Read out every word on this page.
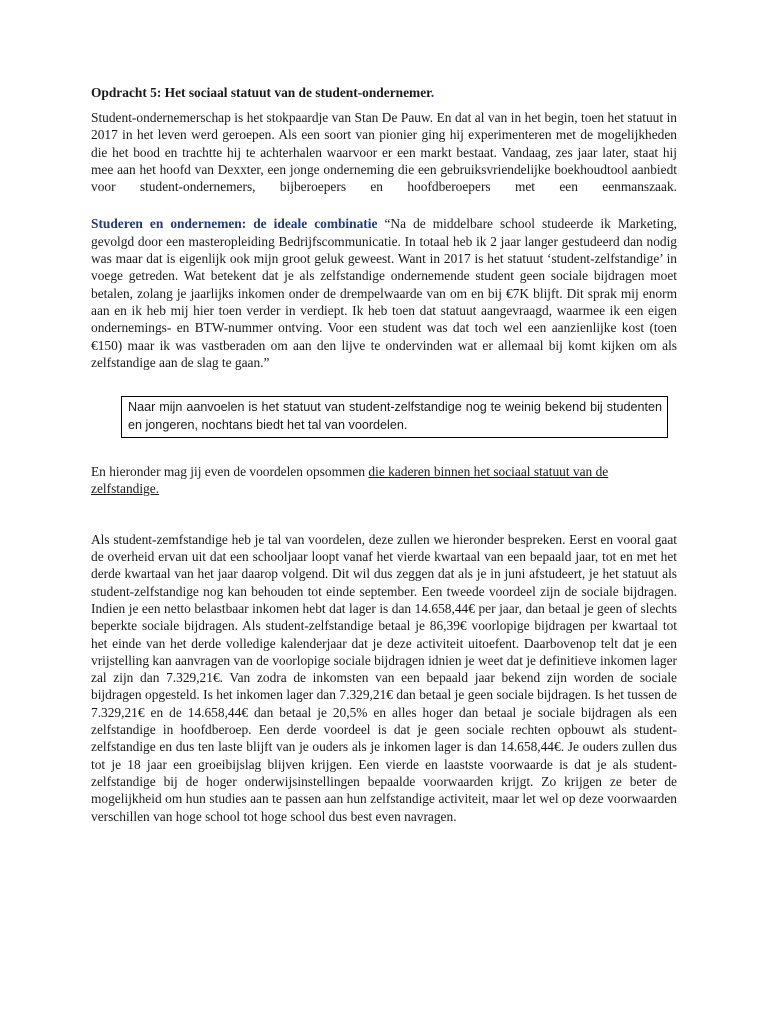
Opdracht 5: Het sociaal statuut van de student-ondernemer.

Student-ondernemerschap is het stokpaardje van Stan De Pauw. En dat al van in het begin, toen het statuut in 2017 in het leven werd geroepen. Als een soort van pionier ging hij experimenteren met de mogelijkheden die het bood en trachtte hij te achterhalen waarvoor er een markt bestaat. Vandaag, zes jaar later, staat hij mee aan het hoofd van Dexxter, een jonge onderneming die een gebruiksvriendelijke boekhoudtool aanbiedt voor student-ondernemers, bijberoepers en hoofdberoepers met een eenmanszaak.

Studeren en ondernemen: de ideale combinatie “Na de middelbare school studeerde ik Marketing, gevolgd door een masteropleiding Bedrijfscommunicatie. In totaal heb ik 2 jaar langer gestudeerd dan nodig was maar dat is eigenlijk ook mijn groot geluk geweest. Want in 2017 is het statuut ‘student-zelfstandige’ in voege getreden. Wat betekent dat je als zelfstandige ondernemende student geen sociale bijdragen moet betalen, zolang je jaarlijks inkomen onder de drempelwaarde van om en bij €7K blijft. Dit sprak mij enorm aan en ik heb mij hier toen verder in verdiept. Ik heb toen dat statuut aangevraagd, waarmee ik een eigen ondernemings- en BTW-nummer ontving. Voor een student was dat toch wel een aanzienlijke kost (toen €150) maar ik was vastberaden om aan den lijve te ondervinden wat er allemaal bij komt kijken om als zelfstandige aan de slag te gaan.”

Naar mijn aanvoelen is het statuut van student-zelfstandige nog te weinig bekend bij studenten en jongeren, nochtans biedt het tal van voordelen.

En hieronder mag jij even de voordelen opsommen die kaderen binnen het sociaal statuut van de zelfstandige.

Als student-zemfstandige heb je tal van voordelen, deze zullen we hieronder bespreken. Eerst en vooral gaat de overheid ervan uit dat een schooljaar loopt vanaf het vierde kwartaal van een bepaald jaar, tot en met het derde kwartaal van het jaar daarop volgend. Dit wil dus zeggen dat als je in juni afstudeert, je het statuut als student-zelfstandige nog kan behouden tot einde september. Een tweede voordeel zijn de sociale bijdragen. Indien je een netto belastbaar inkomen hebt dat lager is dan 14.658,44€ per jaar, dan betaal je geen of slechts beperkte sociale bijdragen. Als student-zelfstandige betaal je 86,39€ voorlopige bijdragen per kwartaal tot het einde van het derde volledige kalenderjaar dat je deze activiteit uitoefent. Daarbovenop telt dat je een vrijstelling kan aanvragen van de voorlopige sociale bijdragen idnien je weet dat je definitieve inkomen lager zal zijn dan 7.329,21€. Van zodra de inkomsten van een bepaald jaar bekend zijn worden de sociale bijdragen opgesteld. Is het inkomen lager dan 7.329,21€ dan betaal je geen sociale bijdragen. Is het tussen de 7.329,21€ en de 14.658,44€ dan betaal je 20,5% en alles hoger dan betaal je sociale bijdragen als een zelfstandige in hoofdberoep. Een derde voordeel is dat je geen sociale rechten opbouwt als student-zelfstandige en dus ten laste blijft van je ouders als je inkomen lager is dan 14.658,44€. Je ouders zullen dus tot je 18 jaar een groeibijslag blijven krijgen. Een vierde en laastste voorwaarde is dat je als student-zelfstandige bij de hoger onderwijsinstellingen bepaalde voorwaarden krijgt. Zo krijgen ze beter de mogelijkheid om hun studies aan te passen aan hun zelfstandige activiteit, maar let wel op deze voorwaarden verschillen van hoge school tot hoge school dus best even navragen.
